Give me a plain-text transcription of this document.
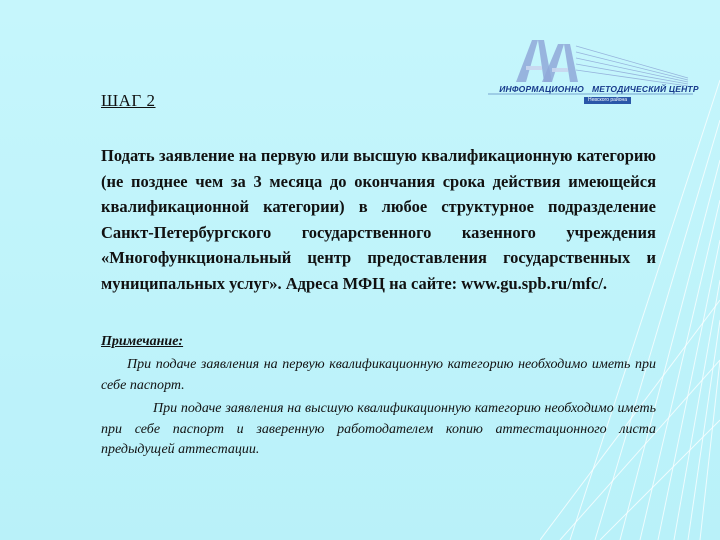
ИНФОРМАЦИОННО МЕТОДИЧЕСКИЙ ЦЕНТР
Невского района
ШАГ 2

Подать заявление на первую или высшую квалификационную категорию (не позднее чем за 3 месяца до окончания срока действия имеющейся квалификационной категории) в любое структурное подразделение Санкт-Петербургского государственного казенного учреждения «Многофункциональный центр предоставления государственных и муниципальных услуг». Адреса МФЦ на сайте: www.gu.spb.ru/mfc/.

Примечание:

При подаче заявления на первую квалификационную категорию необходимо иметь при себе паспорт.

При подаче заявления на высшую квалификационную категорию необходимо иметь при себе паспорт и заверенную работодателем копию аттестационного листа предыдущей аттестации.
